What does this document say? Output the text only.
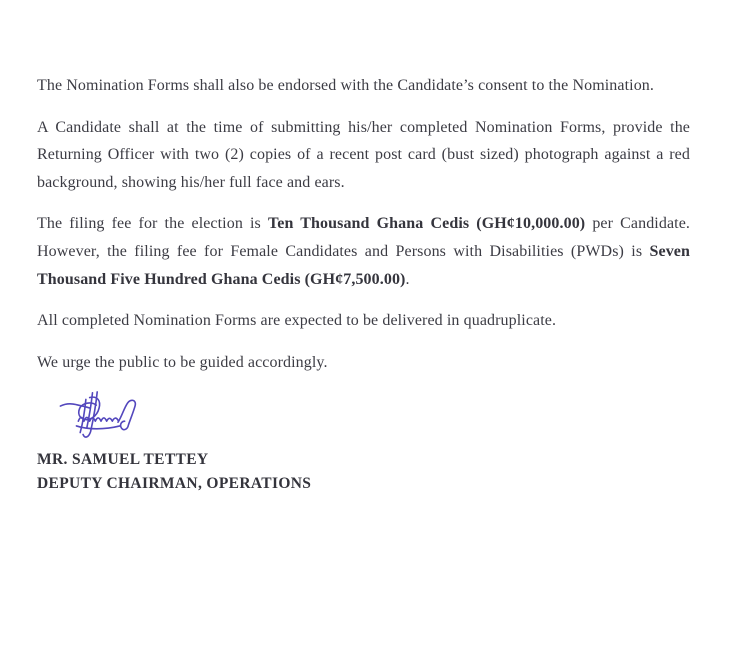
The Nomination Forms shall also be endorsed with the Candidate’s consent to the Nomination.
A Candidate shall at the time of submitting his/her completed Nomination Forms, provide the
Returning Officer with two (2) copies of a recent post card (bust sized) photograph against a red
background, showing his/her full face and ears.
The filing fee for the election is Ten Thousand Ghana Cedis (GH¢10,000.00) per Candidate.
However, the filing fee for Female Candidates and Persons with Disabilities (PWDs) is Seven
Thousand Five Hundred Ghana Cedis (GH¢7,500.00).
All completed Nomination Forms are expected to be delivered in quadruplicate.
We urge the public to be guided accordingly.
MR. SAMUEL TETTEY
DEPUTY CHAIRMAN, OPERATIONS
